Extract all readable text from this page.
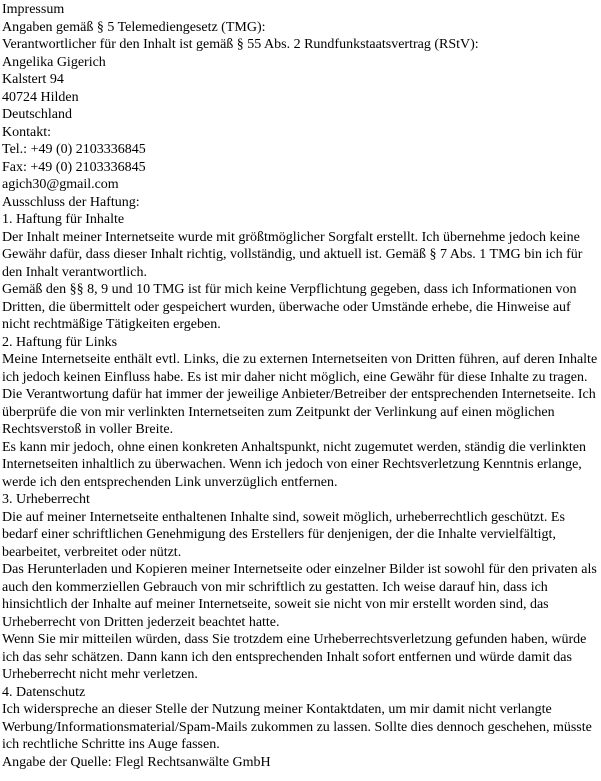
Impressum

Angaben gemäß § 5 Telemediengesetz (TMG):

Verantwortlicher für den Inhalt ist gemäß § 55 Abs. 2 Rundfunkstaatsvertrag (RStV):

Angelika Gigerich

Kalstert 94

40724 Hilden

Deutschland

Kontakt:

Tel.: +49 (0) 2103336845

Fax: +49 (0) 2103336845

agich30@gmail.com

Ausschluss der Haftung:

1. Haftung für Inhalte

Der Inhalt meiner Internetseite wurde mit größtmöglicher Sorgfalt erstellt. Ich übernehme jedoch keine Gewähr dafür, dass dieser Inhalt richtig, vollständig, und aktuell ist. Gemäß § 7 Abs. 1 TMG bin ich für den Inhalt verantwortlich.

Gemäß den §§ 8, 9 und 10 TMG ist für mich keine Verpflichtung gegeben, dass ich Informationen von Dritten, die übermittelt oder gespeichert wurden, überwache oder Umstände erhebe, die Hinweise auf nicht rechtmäßige Tätigkeiten ergeben.

2. Haftung für Links

Meine Internetseite enthält evtl. Links, die zu externen Internetseiten von Dritten führen, auf deren Inhalte ich jedoch keinen Einfluss habe. Es ist mir daher nicht möglich, eine Gewähr für diese Inhalte zu tragen.

Die Verantwortung dafür hat immer der jeweilige Anbieter/Betreiber der entsprechenden Internetseite. Ich überprüfe die von mir verlinkten Internetseiten zum Zeitpunkt der Verlinkung auf einen möglichen Rechtsverstoß in voller Breite.

Es kann mir jedoch, ohne einen konkreten Anhaltspunkt, nicht zugemutet werden, ständig die verlinkten Internetseiten inhaltlich zu überwachen. Wenn ich jedoch von einer Rechtsverletzung Kenntnis erlange, werde ich den entsprechenden Link unverzüglich entfernen.

3. Urheberrecht

Die auf meiner Internetseite enthaltenen Inhalte sind, soweit möglich, urheberrechtlich geschützt. Es bedarf einer schriftlichen Genehmigung des Erstellers für denjenigen, der die Inhalte vervielfältigt, bearbeitet, verbreitet oder nützt.

Das Herunterladen und Kopieren meiner Internetseite oder einzelner Bilder ist sowohl für den privaten als auch den kommerziellen Gebrauch von mir schriftlich zu gestatten. Ich weise darauf hin, dass ich hinsichtlich der Inhalte auf meiner Internetseite, soweit sie nicht von mir erstellt worden sind, das Urheberrecht von Dritten jederzeit beachtet hatte.

Wenn Sie mir mitteilen würden, dass Sie trotzdem eine Urheberrechtsverletzung gefunden haben, würde ich das sehr schätzen. Dann kann ich den entsprechenden Inhalt sofort entfernen und würde damit das Urheberrecht nicht mehr verletzen.

4. Datenschutz

Ich widerspreche an dieser Stelle der Nutzung meiner Kontaktdaten, um mir damit nicht verlangte Werbung/Informationsmaterial/Spam-Mails zukommen zu lassen. Sollte dies dennoch geschehen, müsste ich rechtliche Schritte ins Auge fassen.

Angabe der Quelle: Flegl Rechtsanwälte GmbH
